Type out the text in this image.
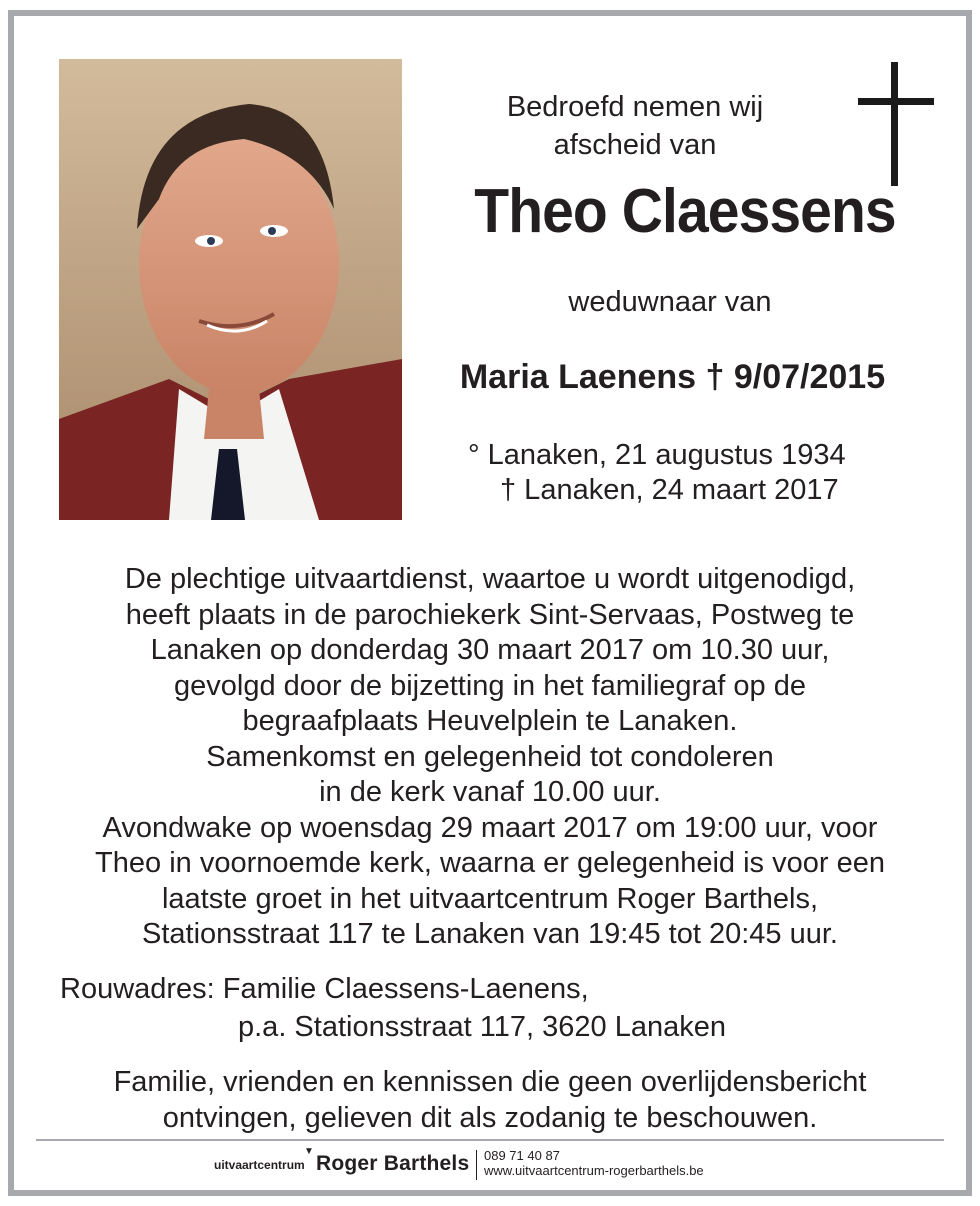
Bedroefd nemen wij
afscheid van
Theo Claessens
weduwnaar van
Maria Laenens † 9/07/2015
° Lanaken, 21 augustus 1934
† Lanaken, 24 maart 2017
De plechtige uitvaartdienst, waartoe u wordt uitgenodigd,
heeft plaats in de parochiekerk Sint-Servaas, Postweg te
Lanaken op donderdag 30 maart 2017 om 10.30 uur,
gevolgd door de bijzetting in het familiegraf op de
begraafplaats Heuvelplein te Lanaken.
Samenkomst en gelegenheid tot condoleren
in de kerk vanaf 10.00 uur.
Avondwake op woensdag 29 maart 2017 om 19:00 uur, voor
Theo in voornoemde kerk, waarna er gelegenheid is voor een
laatste groet in het uitvaartcentrum Roger Barthels,
Stationsstraat 117 te Lanaken van 19:45 tot 20:45 uur.
Rouwadres: Familie Claessens-Laenens,
p.a. Stationsstraat 117, 3620 Lanaken
Familie, vrienden en kennissen die geen overlijdensbericht
ontvingen, gelieven dit als zodanig te beschouwen.
uitvaartcentrum
▼
Roger Barthels 089 71 40 87
www.uitvaartcentrum-rogerbarthels.be
